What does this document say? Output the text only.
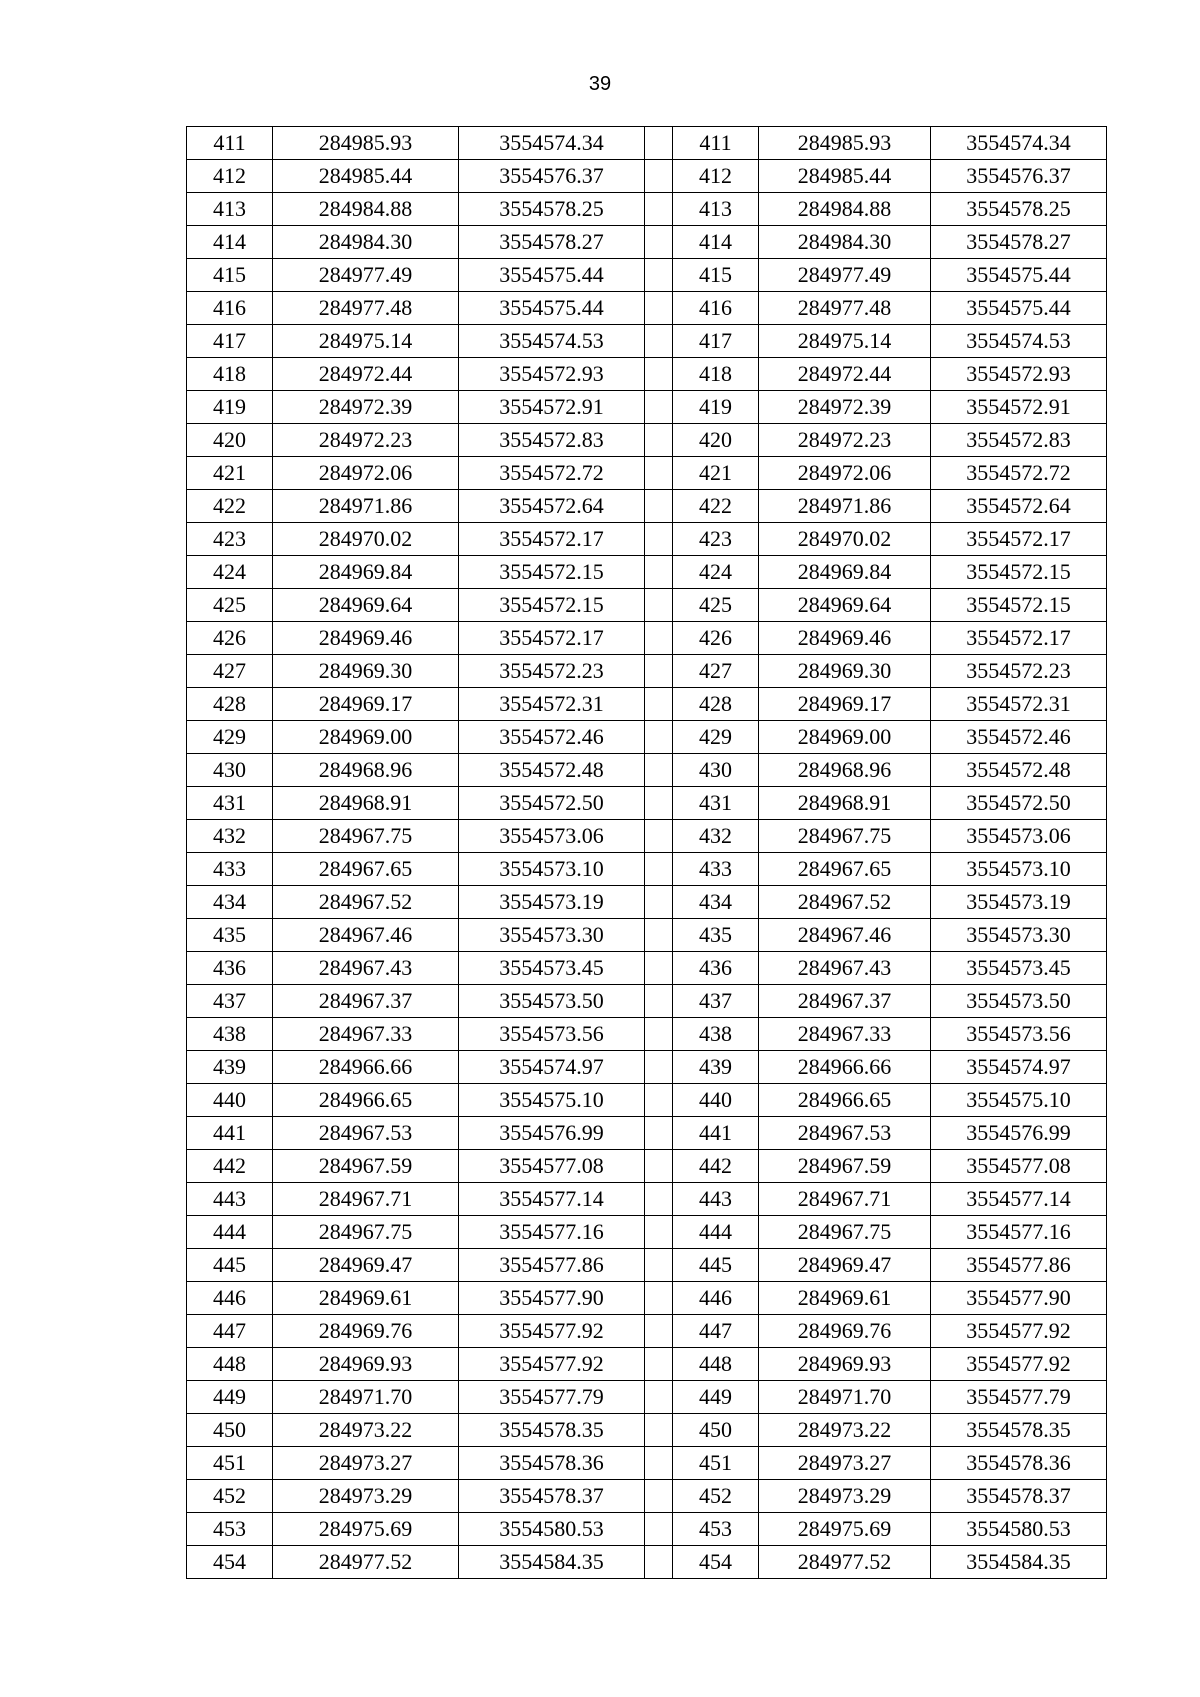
39
411	284985.93	3554574.34		411	284985.93	3554574.34
412	284985.44	3554576.37		412	284985.44	3554576.37
413	284984.88	3554578.25		413	284984.88	3554578.25
414	284984.30	3554578.27		414	284984.30	3554578.27
415	284977.49	3554575.44		415	284977.49	3554575.44
416	284977.48	3554575.44		416	284977.48	3554575.44
417	284975.14	3554574.53		417	284975.14	3554574.53
418	284972.44	3554572.93		418	284972.44	3554572.93
419	284972.39	3554572.91		419	284972.39	3554572.91
420	284972.23	3554572.83		420	284972.23	3554572.83
421	284972.06	3554572.72		421	284972.06	3554572.72
422	284971.86	3554572.64		422	284971.86	3554572.64
423	284970.02	3554572.17		423	284970.02	3554572.17
424	284969.84	3554572.15		424	284969.84	3554572.15
425	284969.64	3554572.15		425	284969.64	3554572.15
426	284969.46	3554572.17		426	284969.46	3554572.17
427	284969.30	3554572.23		427	284969.30	3554572.23
428	284969.17	3554572.31		428	284969.17	3554572.31
429	284969.00	3554572.46		429	284969.00	3554572.46
430	284968.96	3554572.48		430	284968.96	3554572.48
431	284968.91	3554572.50		431	284968.91	3554572.50
432	284967.75	3554573.06		432	284967.75	3554573.06
433	284967.65	3554573.10		433	284967.65	3554573.10
434	284967.52	3554573.19		434	284967.52	3554573.19
435	284967.46	3554573.30		435	284967.46	3554573.30
436	284967.43	3554573.45		436	284967.43	3554573.45
437	284967.37	3554573.50		437	284967.37	3554573.50
438	284967.33	3554573.56		438	284967.33	3554573.56
439	284966.66	3554574.97		439	284966.66	3554574.97
440	284966.65	3554575.10		440	284966.65	3554575.10
441	284967.53	3554576.99		441	284967.53	3554576.99
442	284967.59	3554577.08		442	284967.59	3554577.08
443	284967.71	3554577.14		443	284967.71	3554577.14
444	284967.75	3554577.16		444	284967.75	3554577.16
445	284969.47	3554577.86		445	284969.47	3554577.86
446	284969.61	3554577.90		446	284969.61	3554577.90
447	284969.76	3554577.92		447	284969.76	3554577.92
448	284969.93	3554577.92		448	284969.93	3554577.92
449	284971.70	3554577.79		449	284971.70	3554577.79
450	284973.22	3554578.35		450	284973.22	3554578.35
451	284973.27	3554578.36		451	284973.27	3554578.36
452	284973.29	3554578.37		452	284973.29	3554578.37
453	284975.69	3554580.53		453	284975.69	3554580.53
454	284977.52	3554584.35		454	284977.52	3554584.35
